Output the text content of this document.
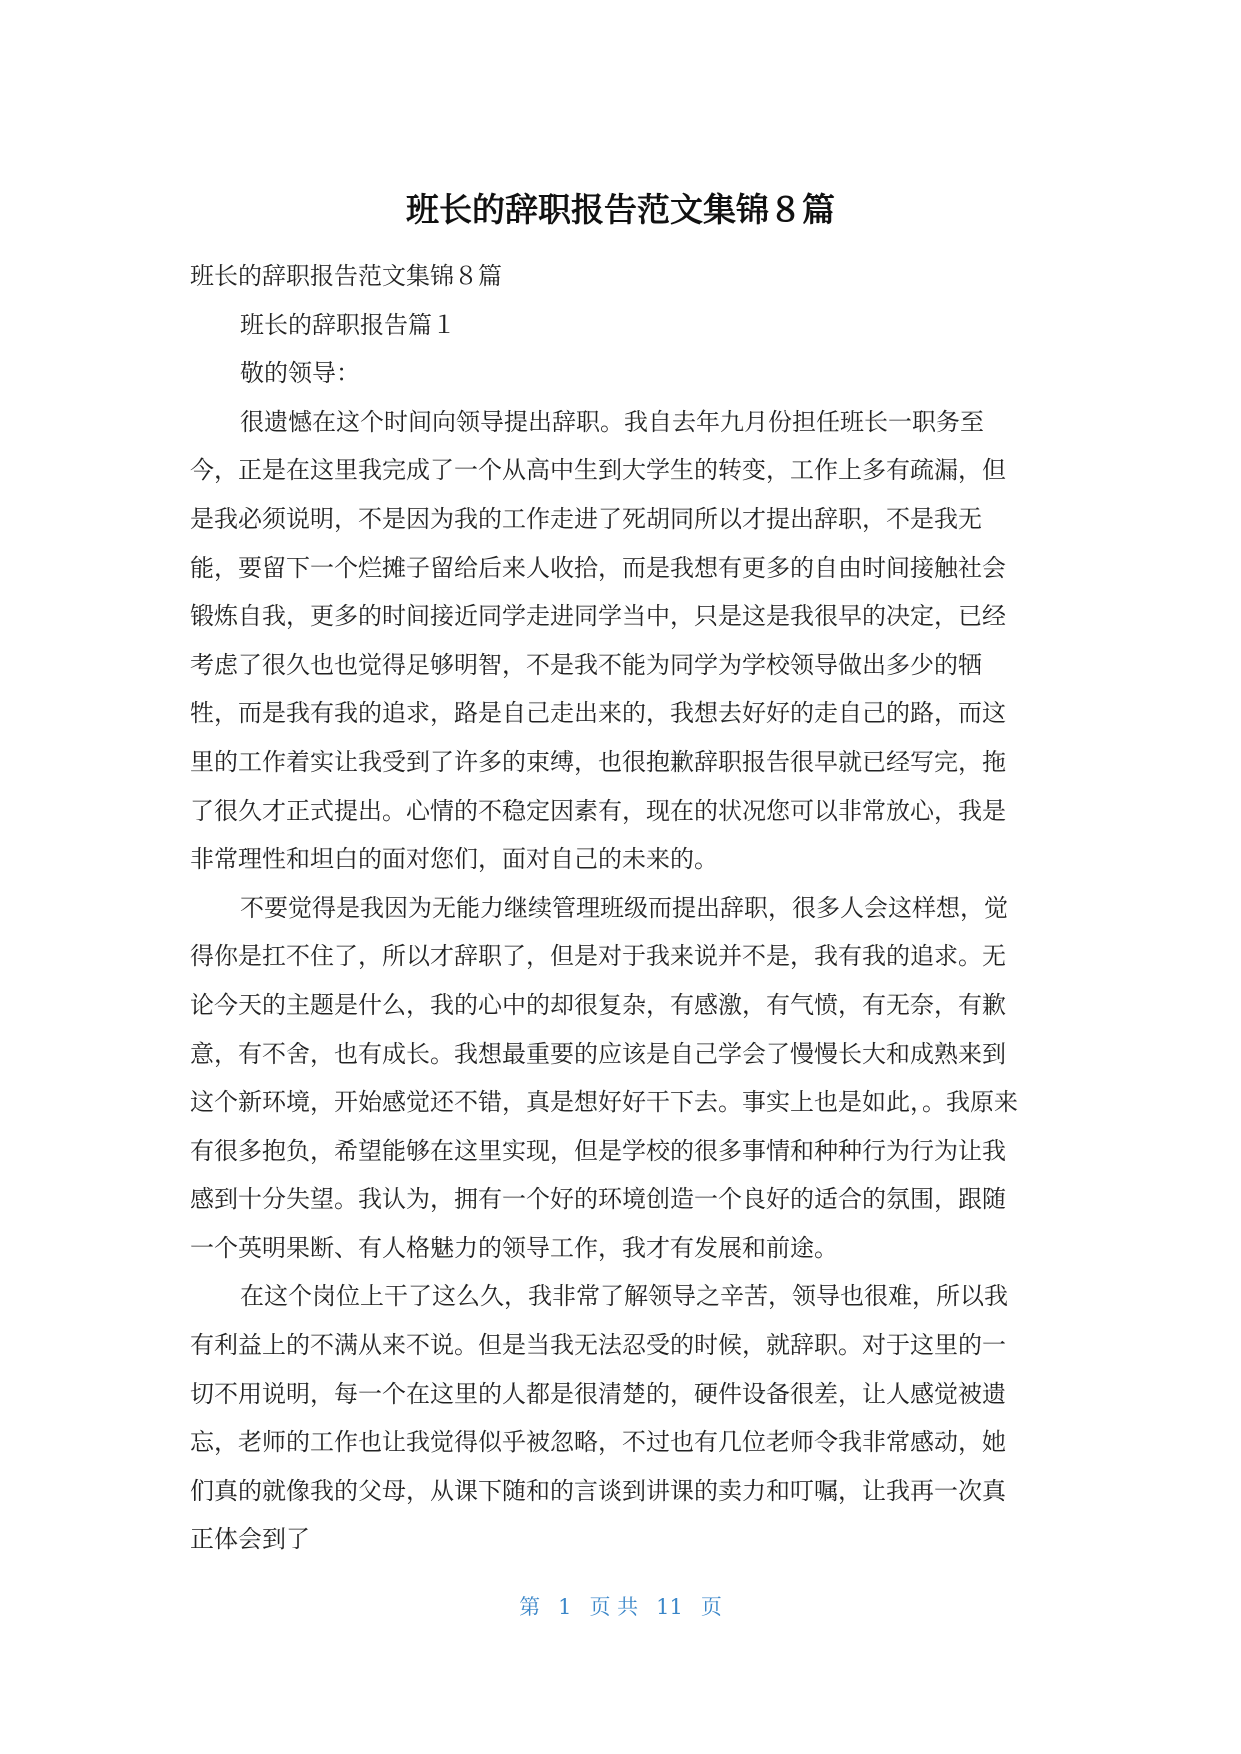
班长的辞职报告范文集锦８篇
班长的辞职报告范文集锦８篇
班长的辞职报告篇１
敬的领导：
很遗憾在这个时间向领导提出辞职。我自去年九月份担任班长一职务至
今，正是在这里我完成了一个从高中生到大学生的转变，工作上多有疏漏，但
是我必须说明，不是因为我的工作走进了死胡同所以才提出辞职，不是我无
能，要留下一个烂摊子留给后来人收拾，而是我想有更多的自由时间接触社会
锻炼自我，更多的时间接近同学走进同学当中，只是这是我很早的决定，已经
考虑了很久也也觉得足够明智，不是我不能为同学为学校领导做出多少的牺
牲，而是我有我的追求，路是自己走出来的，我想去好好的走自己的路，而这
里的工作着实让我受到了许多的束缚，也很抱歉辞职报告很早就已经写完，拖
了很久才正式提出。心情的不稳定因素有，现在的状况您可以非常放心，我是
非常理性和坦白的面对您们，面对自己的未来的。
不要觉得是我因为无能力继续管理班级而提出辞职，很多人会这样想，觉
得你是扛不住了，所以才辞职了，但是对于我来说并不是，我有我的追求。无
论今天的主题是什么，我的心中的却很复杂，有感激，有气愤，有无奈，有歉
意，有不舍，也有成长。我想最重要的应该是自己学会了慢慢长大和成熟来到
这个新环境，开始感觉还不错，真是想好好干下去。事实上也是如此，。我原来
有很多抱负，希望能够在这里实现，但是学校的很多事情和种种行为行为让我
感到十分失望。我认为，拥有一个好的环境创造一个良好的适合的氛围，跟随
一个英明果断、有人格魅力的领导工作，我才有发展和前途。
在这个岗位上干了这么久，我非常了解领导之辛苦，领导也很难，所以我
有利益上的不满从来不说。但是当我无法忍受的时候，就辞职。对于这里的一
切不用说明，每一个在这里的人都是很清楚的，硬件设备很差，让人感觉被遗
忘，老师的工作也让我觉得似乎被忽略，不过也有几位老师令我非常感动，她
们真的就像我的父母，从课下随和的言谈到讲课的卖力和叮嘱，让我再一次真
正体会到了
第 1 页 共 11 页
